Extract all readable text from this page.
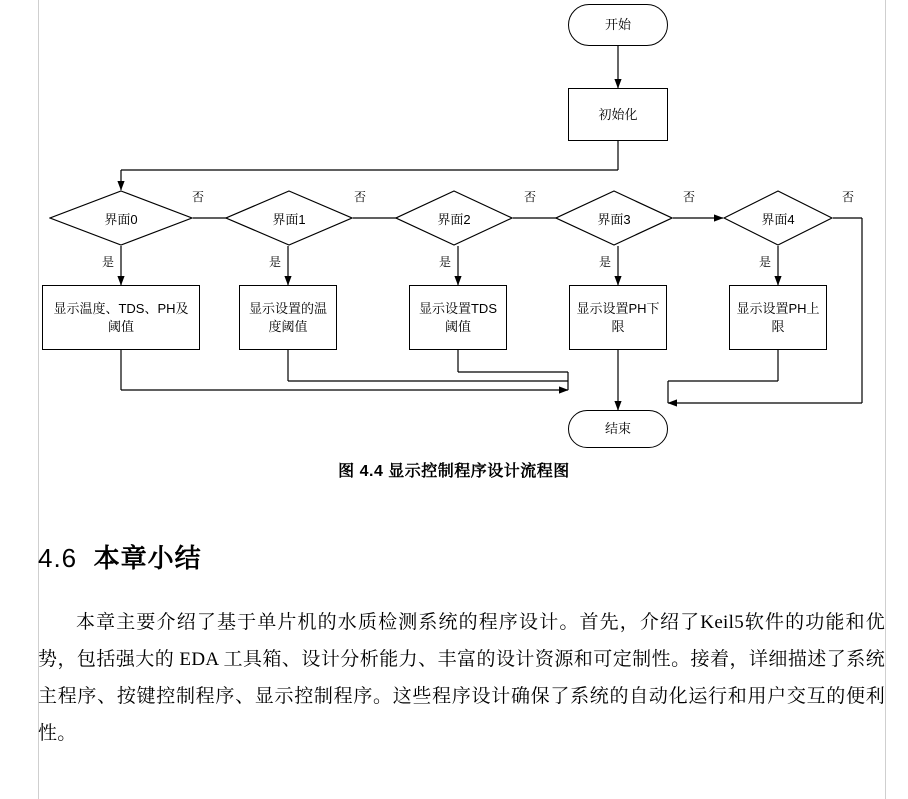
开始
初始化
界面0	界面1	界面2	界面3	界面4
否	否	否	否	否
是	是	是	是	是
显示温度、TDS、PH及阈值
显示设置的温度阈值
显示设置TDS阈值
显示设置PH下限
显示设置PH上限
结束
图 4.4 显示控制程序设计流程图
4.6 本章小结

本章主要介绍了基于单片机的水质检测系统的程序设计。首先，介绍了Keil5软件的功能和优势，包括强大的 EDA 工具箱、设计分析能力、丰富的设计资源和可定制性。接着，详细描述了系统主程序、按键控制程序、显示控制程序。这些程序设计确保了系统的自动化运行和用户交互的便利性。
